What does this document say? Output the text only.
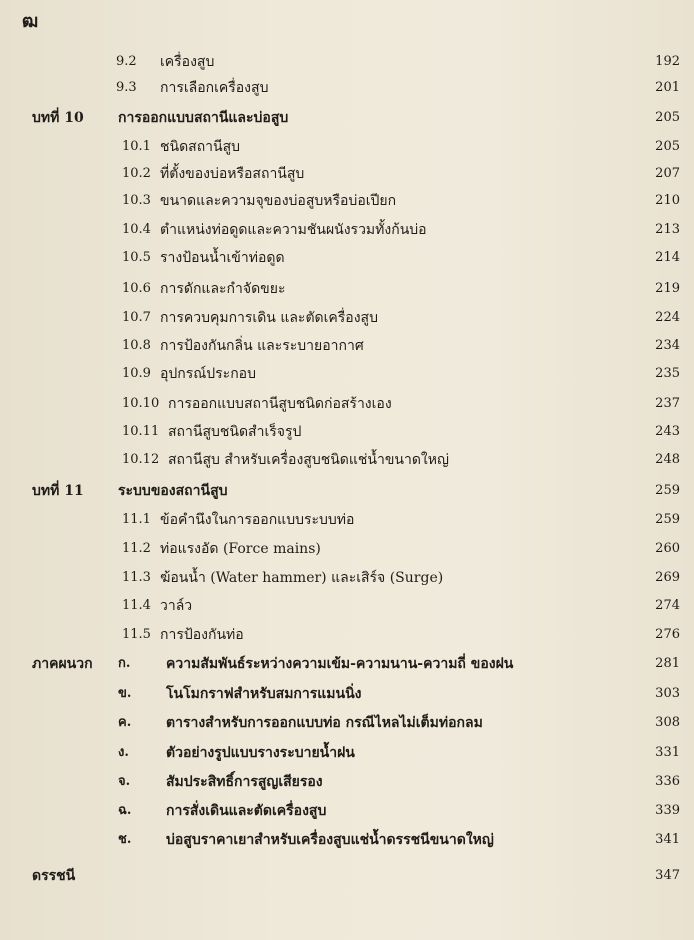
ฒ
9.2 เครื่องสูบ	192
9.3 การเลือกเครื่องสูบ	201
บทที่ 10 การออกแบบสถานีและบ่อสูบ	205
10.1 ชนิดสถานีสูบ	205
10.2 ที่ตั้งของบ่อหรือสถานีสูบ	207
10.3 ขนาดและความจุของบ่อสูบหรือบ่อเปียก	210
10.4 ตำแหน่งท่อดูดและความชันผนังรวมทั้งก้นบ่อ	213
10.5 รางป้อนน้ำเข้าท่อดูด	214
10.6 การดักและกำจัดขยะ	219
10.7 การควบคุมการเดิน และตัดเครื่องสูบ	224
10.8 การป้องกันกลิ่น และระบายอากาศ	234
10.9 อุปกรณ์ประกอบ	235
10.10 การออกแบบสถานีสูบชนิดก่อสร้างเอง	237
10.11 สถานีสูบชนิดสำเร็จรูป	243
10.12 สถานีสูบ สำหรับเครื่องสูบชนิดแช่น้ำขนาดใหญ่	248
บทที่ 11 ระบบของสถานีสูบ	259
11.1 ข้อคำนึงในการออกแบบระบบท่อ	259
11.2 ท่อแรงอัด (Force mains)	260
11.3 ฆ้อนน้ำ (Water hammer) และเสิร์จ (Surge)	269
11.4 วาล์ว	274
11.5 การป้องกันท่อ	276
ภาคผนวก ก.	ความสัมพันธ์ระหว่างความเข้ม-ความนาน-ความถี่ ของฝน	281
ข. โนโมกราฟสำหรับสมการแมนนิ่ง	303
ค. ตารางสำหรับการออกแบบท่อ กรณีไหลไม่เต็มท่อกลม	308
ง.	ตัวอย่างรูปแบบรางระบายน้ำฝน	331
จ.	สัมประสิทธิ์การสูญเสียรอง	336
ฉ. การสั่งเดินและตัดเครื่องสูบ	339
ช. บ่อสูบราคาเยาสำหรับเครื่องสูบแช่น้ำดรรชนีขนาดใหญ่	341
ดรรชนี	347
